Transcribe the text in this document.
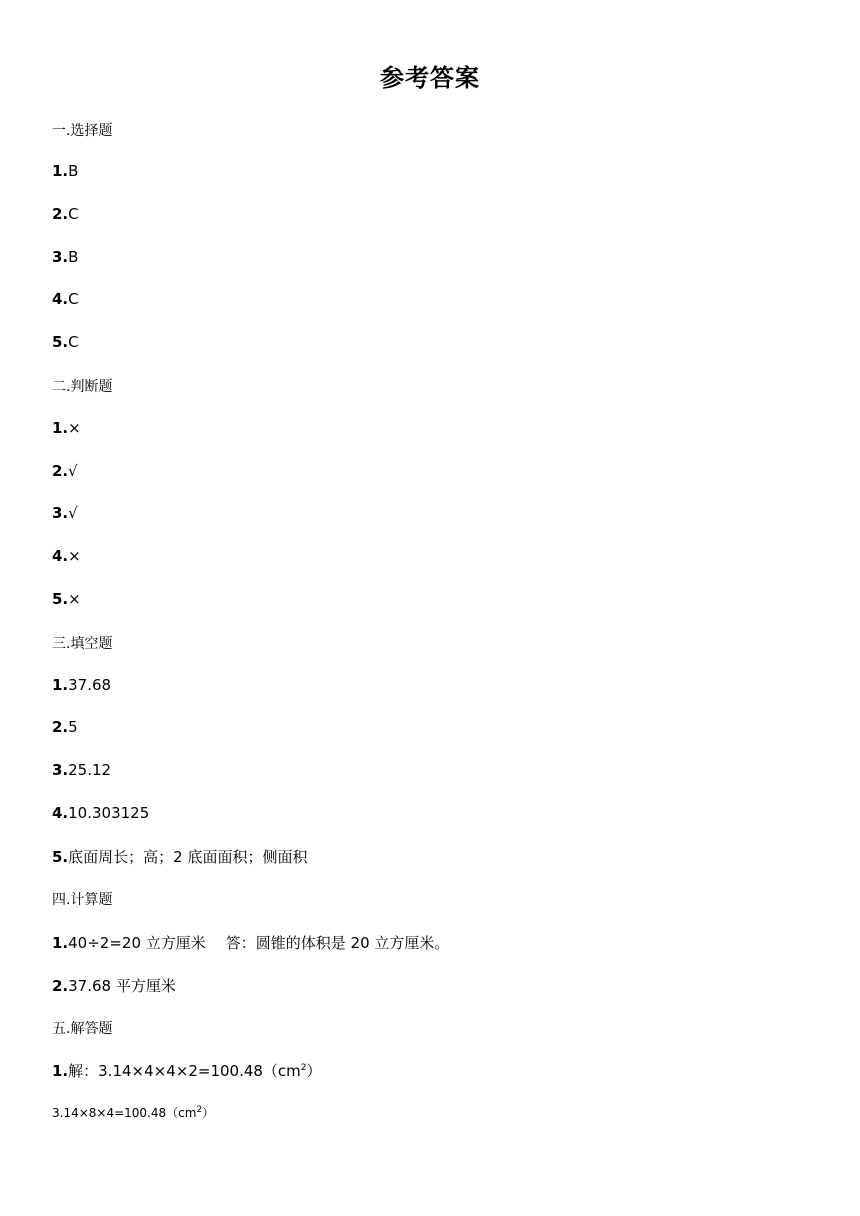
参考答案
一.选择题
1.B
2.C
3.B
4.C
5.C
二.判断题
1.×
2.√
3.√
4.×
5.×
三.填空题
1.37.68
2.5
3.25.12
4.10.303125
5.底面周长；高；2 底面面积；侧面积
四.计算题
1.40÷2=20 立方厘米 答：圆锥的体积是 20 立方厘米。
2.37.68 平方厘米
五.解答题
1.解：$3.14\times 4\times 4\times 2=100.48(cm^2)$
$3.14\times 8\times 4=100.48(cm^2)$
